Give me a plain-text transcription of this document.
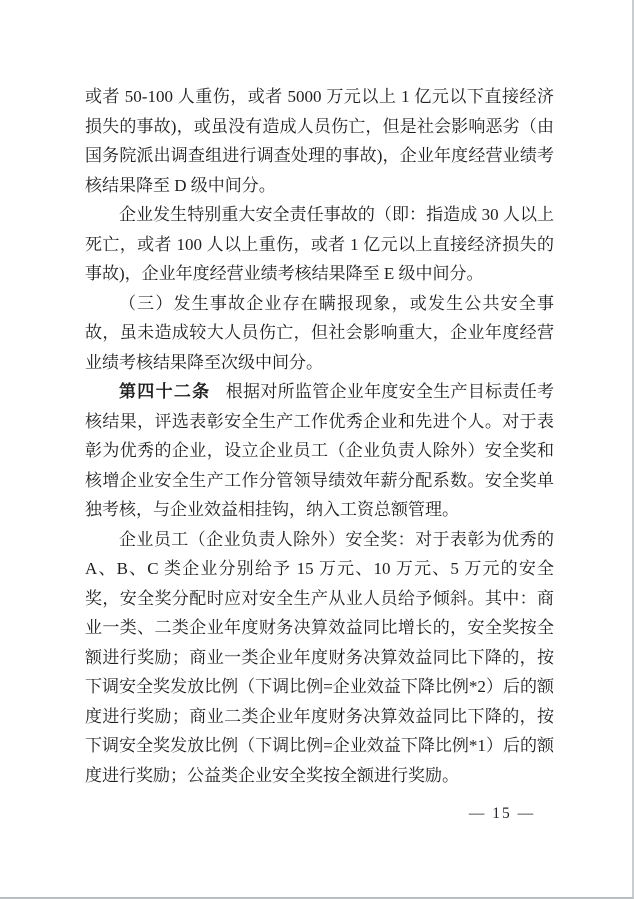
或者 50-100 人重伤，或者 5000 万元以上 1 亿元以下直接经济损失的事故)，或虽没有造成人员伤亡，但是社会影响恶劣（由国务院派出调查组进行调查处理的事故)，企业年度经营业绩考核结果降至 D 级中间分。

企业发生特别重大安全责任事故的（即：指造成 30 人以上死亡，或者 100 人以上重伤，或者 1 亿元以上直接经济损失的事故)，企业年度经营业绩考核结果降至 E 级中间分。

（三）发生事故企业存在瞒报现象，或发生公共安全事故，虽未造成较大人员伤亡，但社会影响重大，企业年度经营业绩考核结果降至次级中间分。

第四十二条 根据对所监管企业年度安全生产目标责任考核结果，评选表彰安全生产工作优秀企业和先进个人。对于表彰为优秀的企业，设立企业员工（企业负责人除外）安全奖和核增企业安全生产工作分管领导绩效年薪分配系数。安全奖单独考核，与企业效益相挂钩，纳入工资总额管理。

企业员工（企业负责人除外）安全奖：对于表彰为优秀的 A、B、C 类企业分别给予 15 万元、10 万元、5 万元的安全奖，安全奖分配时应对安全生产从业人员给予倾斜。其中：商业一类、二类企业年度财务决算效益同比增长的，安全奖按全额进行奖励；商业一类企业年度财务决算效益同比下降的，按下调安全奖发放比例（下调比例=企业效益下降比例*2）后的额度进行奖励；商业二类企业年度财务决算效益同比下降的，按下调安全奖发放比例（下调比例=企业效益下降比例*1）后的额度进行奖励；公益类企业安全奖按全额进行奖励。

— 15 —
